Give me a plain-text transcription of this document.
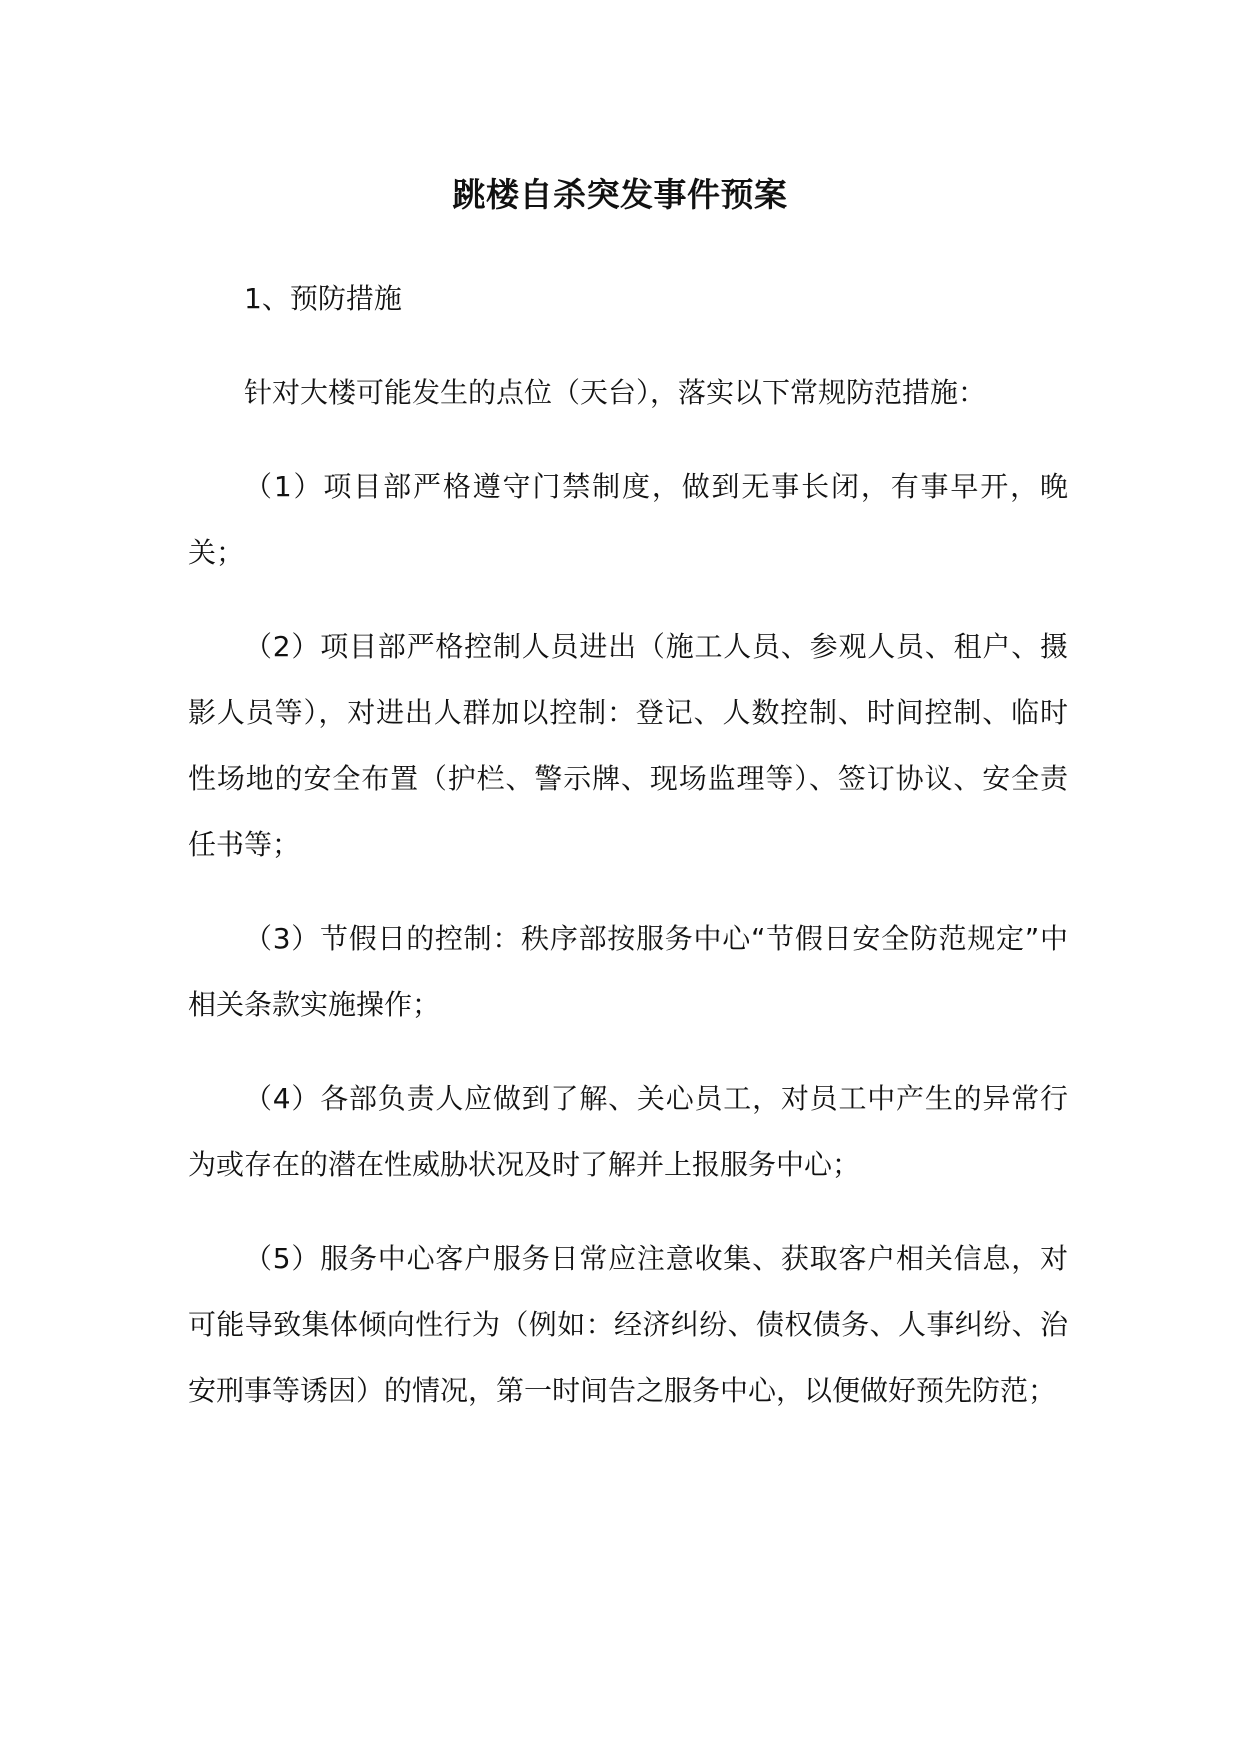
跳楼自杀突发事件预案

1、预防措施

针对大楼可能发生的点位（天台），落实以下常规防范措施：

（1）项目部严格遵守门禁制度，做到无事长闭，有事早开，晚关；

（2）项目部严格控制人员进出（施工人员、参观人员、租户、摄影人员等），对进出人群加以控制：登记、人数控制、时间控制、临时性场地的安全布置（护栏、警示牌、现场监理等）、签订协议、安全责任书等；

（3）节假日的控制：秩序部按服务中心“节假日安全防范规定”中相关条款实施操作；

（4）各部负责人应做到了解、关心员工，对员工中产生的异常行为或存在的潜在性威胁状况及时了解并上报服务中心；

（5）服务中心客户服务日常应注意收集、获取客户相关信息，对可能导致集体倾向性行为（例如：经济纠纷、债权债务、人事纠纷、治安刑事等诱因）的情况，第一时间告之服务中心，以便做好预先防范；
